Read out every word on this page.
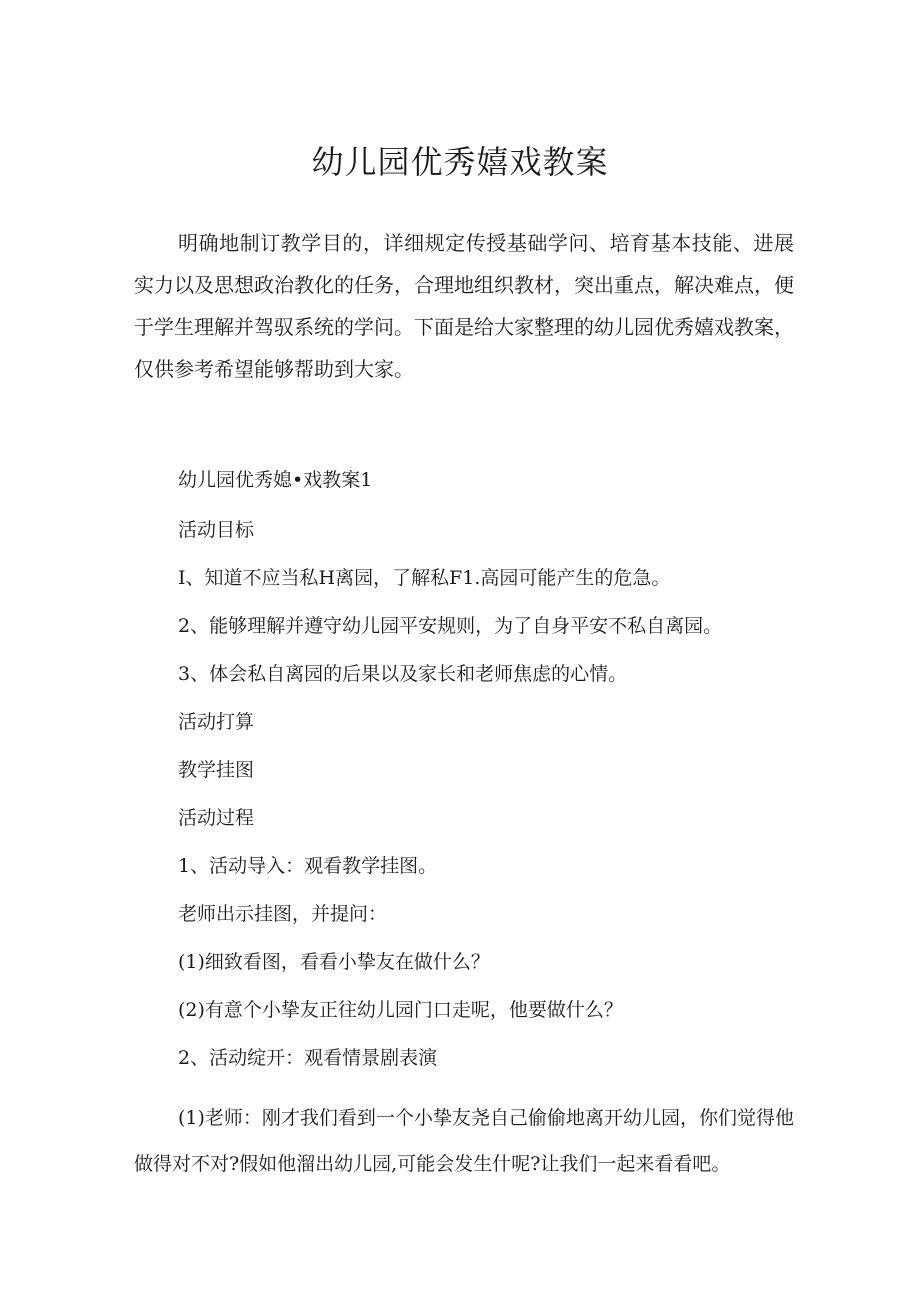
幼儿园优秀嬉戏教案
明确地制订教学目的，详细规定传授基础学问、培育基本技能、进展实力以及思想政治教化的任务，合理地组织教材，突出重点，解决难点，便于学生理解并驾驭系统的学问。下面是给大家整理的幼儿园优秀嬉戏教案，仅供参考希望能够帮助到大家。
幼儿园优秀媳•戏教案1
活动目标
I、知道不应当私H离园，了解私F1.高园可能产生的危急。
2、能够理解并遵守幼儿园平安规则，为了自身平安不私自离园。
3、体会私自离园的后果以及家长和老师焦虑的心情。
活动打算
教学挂图
活动过程
1、活动导入：观看教学挂图。
老师出示挂图，并提问：
(1)细致看图，看看小挚友在做什么？
(2)有意个小挚友正往幼儿园门口走呢，他要做什么？
2、活动绽开：观看情景剧表演
(1)老师：刚才我们看到一个小挚友尧自己偷偷地离开幼儿园，你们觉得他做得对不对?假如他溜出幼儿园,可能会发生什呢?让我们一起来看看吧。
